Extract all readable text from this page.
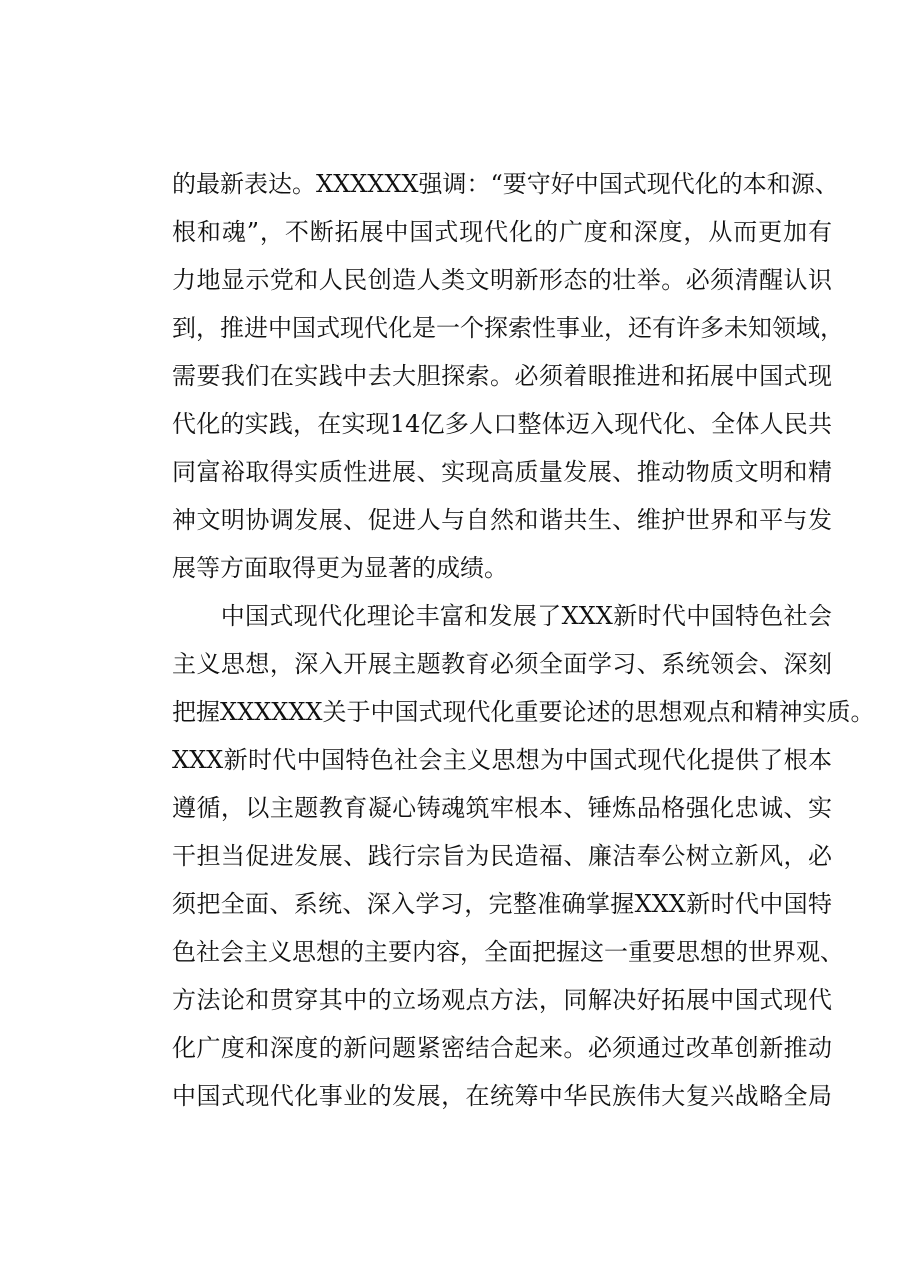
的最新表达。XXXXXX强调：“要守好中国式现代化的本和源、
根和魂”，不断拓展中国式现代化的广度和深度，从而更加有
力地显示党和人民创造人类文明新形态的壮举。必须清醒认识
到，推进中国式现代化是一个探索性事业，还有许多未知领域，
需要我们在实践中去大胆探索。必须着眼推进和拓展中国式现
代化的实践，在实现14亿多人口整体迈入现代化、全体人民共
同富裕取得实质性进展、实现高质量发展、推动物质文明和精
神文明协调发展、促进人与自然和谐共生、维护世界和平与发
展等方面取得更为显著的成绩。
　　中国式现代化理论丰富和发展了XXX新时代中国特色社会
主义思想，深入开展主题教育必须全面学习、系统领会、深刻
把握XXXXXX关于中国式现代化重要论述的思想观点和精神实质。
XXX新时代中国特色社会主义思想为中国式现代化提供了根本
遵循，以主题教育凝心铸魂筑牢根本、锤炼品格强化忠诚、实
干担当促进发展、践行宗旨为民造福、廉洁奉公树立新风，必
须把全面、系统、深入学习，完整准确掌握XXX新时代中国特
色社会主义思想的主要内容，全面把握这一重要思想的世界观、
方法论和贯穿其中的立场观点方法，同解决好拓展中国式现代
化广度和深度的新问题紧密结合起来。必须通过改革创新推动
中国式现代化事业的发展，在统筹中华民族伟大复兴战略全局
